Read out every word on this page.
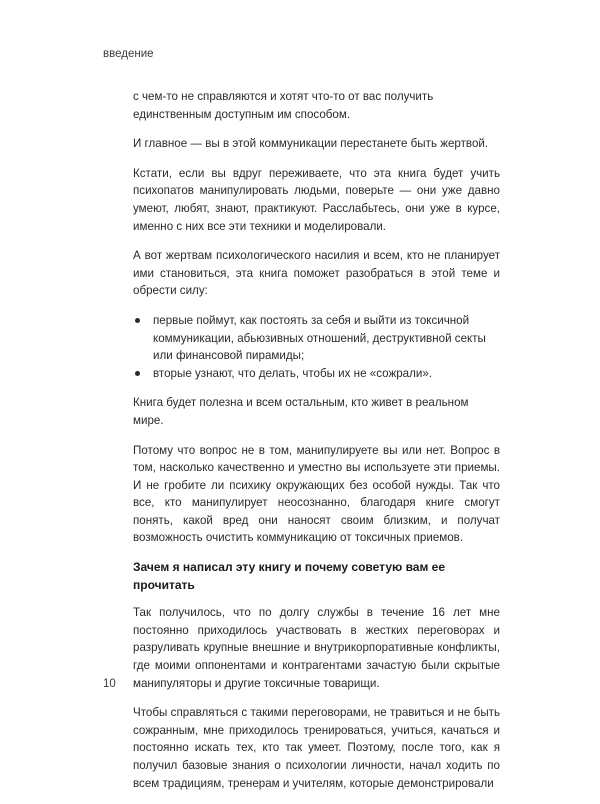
введение

с чем-то не справляются и хотят что-то от вас получить единственным доступным им способом.

И главное — вы в этой коммуникации перестанете быть жертвой.

Кстати, если вы вдруг переживаете, что эта книга будет учить психопатов манипулировать людьми, поверьте — они уже давно умеют, любят, знают, практикуют. Расслабьтесь, они уже в курсе, именно с них все эти техники и моделировали.

А вот жертвам психологического насилия и всем, кто не планирует ими становиться, эта книга поможет разобраться в этой теме и обрести силу:

первые поймут, как постоять за себя и выйти из токсичной коммуникации, абьюзивных отношений, деструктивной секты или финансовой пирамиды;
вторые узнают, что делать, чтобы их не «сожрали».

Книга будет полезна и всем остальным, кто живет в реальном мире.

Потому что вопрос не в том, манипулируете вы или нет. Вопрос в том, насколько качественно и уместно вы используете эти приемы. И не гробите ли психику окружающих без особой нужды. Так что все, кто манипулирует неосознанно, благодаря книге смогут понять, какой вред они наносят своим близким, и получат возможность очистить коммуникацию от токсичных приемов.

Зачем я написал эту книгу и почему советую вам ее прочитать

Так получилось, что по долгу службы в течение 16 лет мне постоянно приходилось участвовать в жестких переговорах и разруливать крупные внешние и внутрикорпоративные конфликты, где моими оппонентами и контрагентами зачастую были скрытые манипуляторы и другие токсичные товарищи.

Чтобы справляться с такими переговорами, не травиться и не быть сожранным, мне приходилось тренироваться, учиться, качаться и постоянно искать тех, кто так умеет. Поэтому, после того, как я получил базовые знания о психологии личности, начал ходить по всем традициям, тренерам и учителям, которые демонстрировали

10
